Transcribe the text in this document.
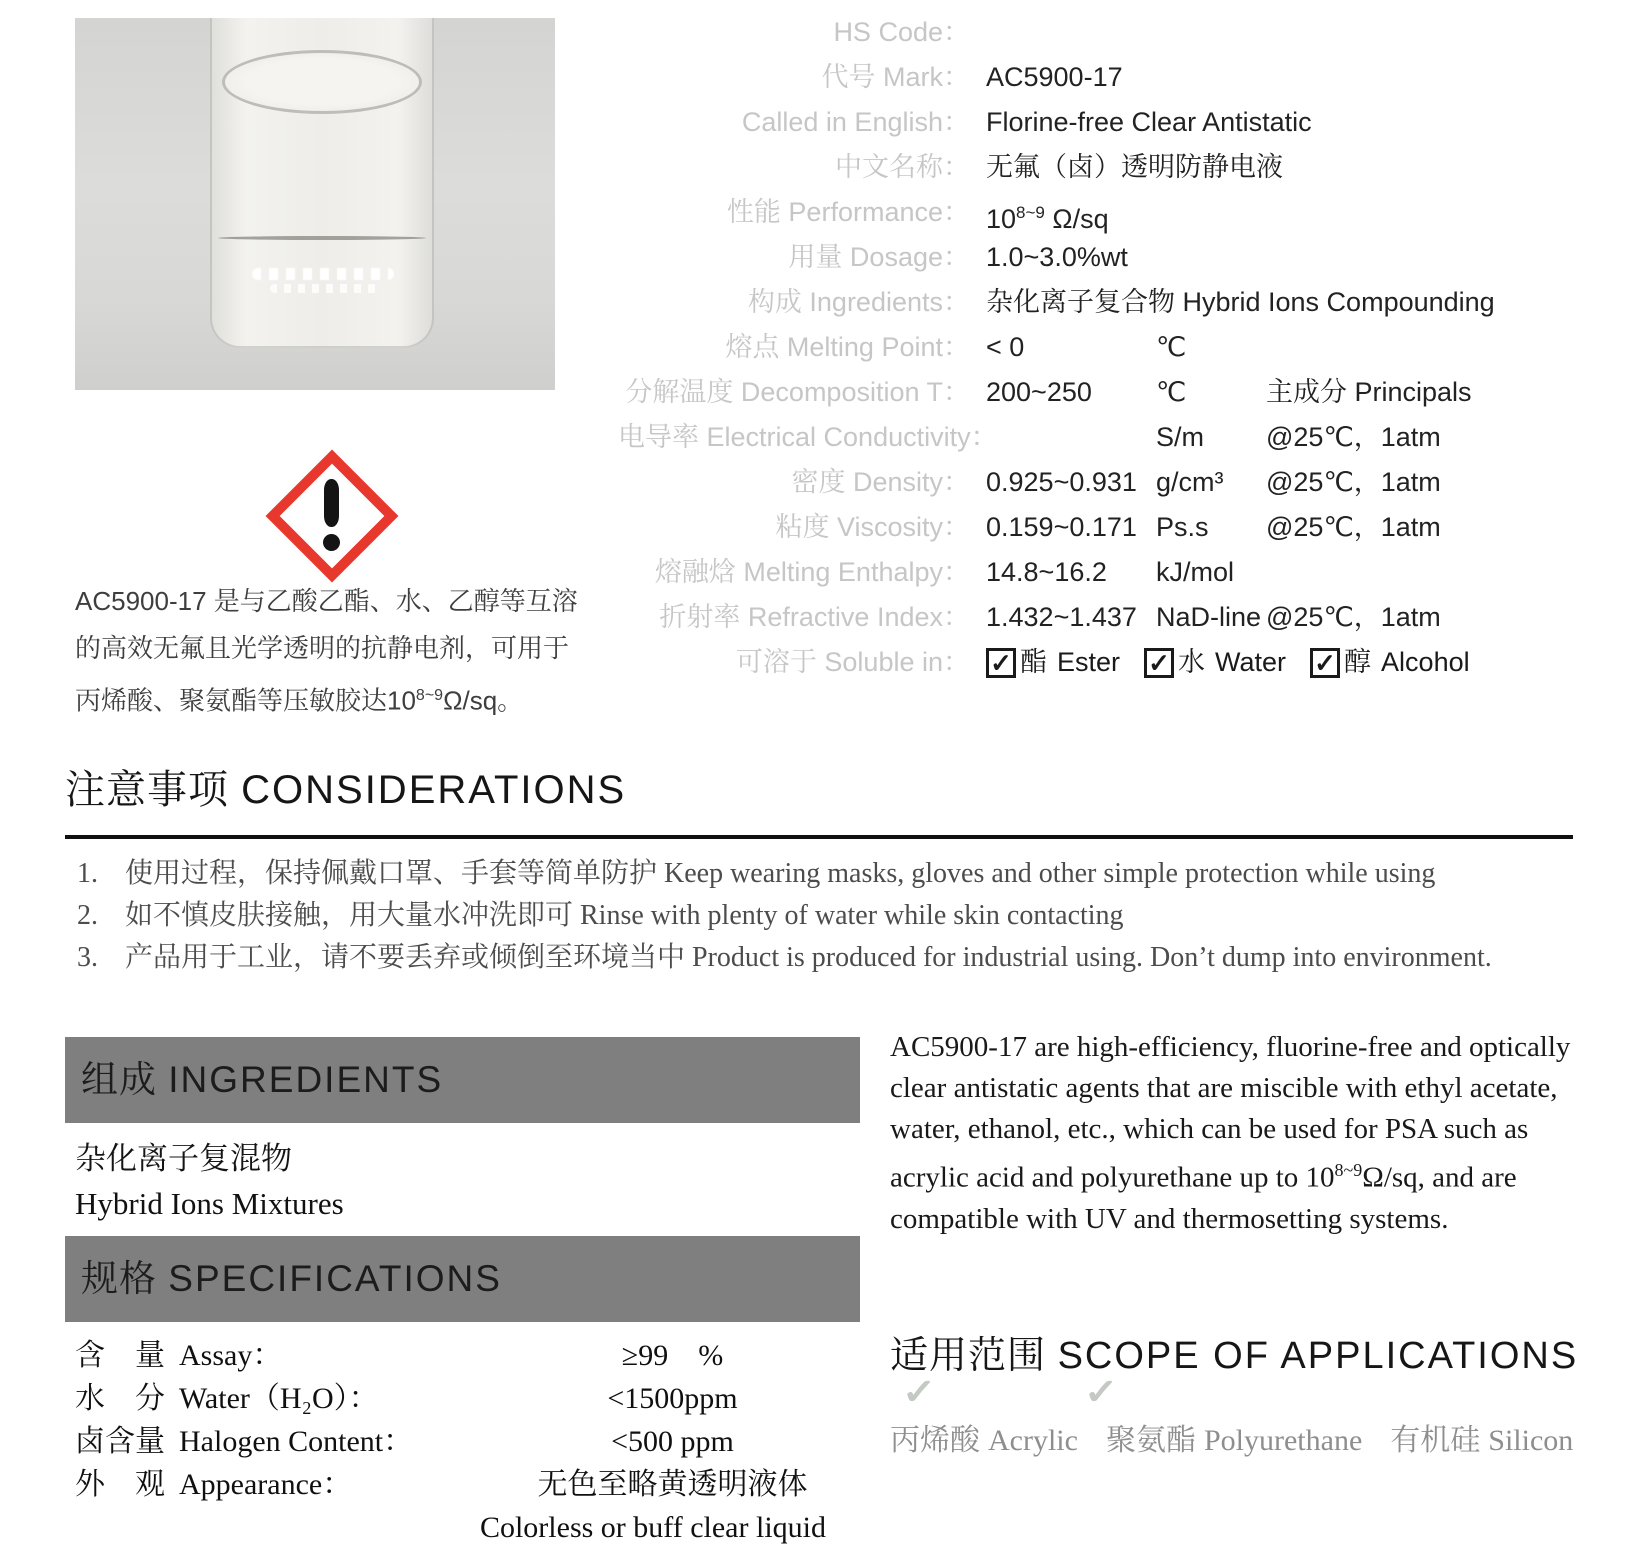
AC5900-17 是与乙酸乙酯、水、乙醇等互溶的高效无氟且光学透明的抗静电剂，可用于丙烯酸、聚氨酯等压敏胶达$10^{8\sim 9}\Omega/sq$。

HS Code：
代号 Mark： AC5900-17
Called in English： Florine-free Clear Antistatic
中文名称： 无氟（卤）透明防静电液
性能 Performance： $10^{8\sim 9}$ Ω/sq
用量 Dosage： 1.0~3.0%wt
构成 Ingredients： 杂化离子复合物 Hybrid Ions Compounding
熔点 Melting Point： < 0	℃
分解温度 Decomposition T： 200~250	℃	主成分 Principals
电导率 Electrical Conductivity：	S/m	@25℃，1atm
密度 Density： 0.925~0.931 g/cm³	@25℃，1atm
粘度 Viscosity： 0.159~0.171 Ps.s	@25℃，1atm
熔融焓 Melting Enthalpy： 14.8~16.2	kJ/mol
折射率 Refractive Index： 1.432~1.437 NaD-line @25℃，1atm
可溶于 Soluble in： ✓ 酯 Ester ✓ 水 Water ✓ 醇 Alcohol
注意事项 CONSIDERATIONS
1. 使用过程，保持佩戴口罩、手套等简单防护 Keep wearing masks, gloves and other simple protection while using
2. 如不慎皮肤接触，用大量水冲洗即可 Rinse with plenty of water while skin contacting
3. 产品用于工业，请不要丢弃或倾倒至环境当中 Product is produced for industrial using. Don’t dump into environment.
组成 INGREDIENTS

杂化离子复混物

Hybrid Ions Mixtures

规格 SPECIFICATIONS
含　量 Assay：	≥99　%
水　分 Water（H₂O）：	<1500ppm
卤含量 Halogen Content：	<500 ppm
外　观 Appearance：	无色至略黄透明液体
Colorless or buff clear liquid

AC5900-17 are high-efficiency, fluorine-free and optically clear antistatic agents that are miscible with ethyl acetate, water, ethanol, etc., which can be used for PSA such as acrylic acid and polyurethane up to $10^{8\sim 9}\Omega/sq$, and are compatible with UV and thermosetting systems.

适用范围 SCOPE OF APPLICATIONS
✓	✓
丙烯酸 Acrylic 聚氨酯 Polyurethane 有机硅 Silicon
